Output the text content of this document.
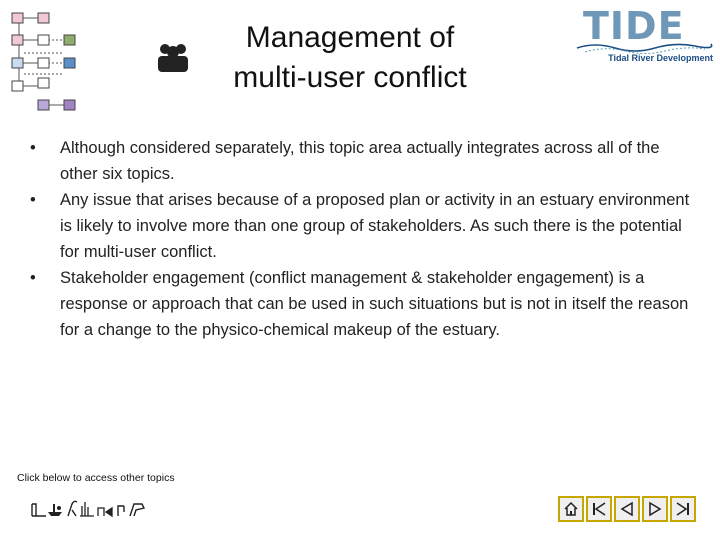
Management of
multi-user conflict
TIDE
Tidal River Development
• Although considered separately, this topic area actually integrates across all of the other six topics.
• Any issue that arises because of a proposed plan or activity in an estuary environment is likely to involve more than one group of stakeholders. As such there is the potential for multi-user conflict.
• Stakeholder engagement (conflict management & stakeholder engagement) is a response or approach that can be used in such situations but is not in itself the reason for a change to the physico-chemical makeup of the estuary.
Click below to access other topics
